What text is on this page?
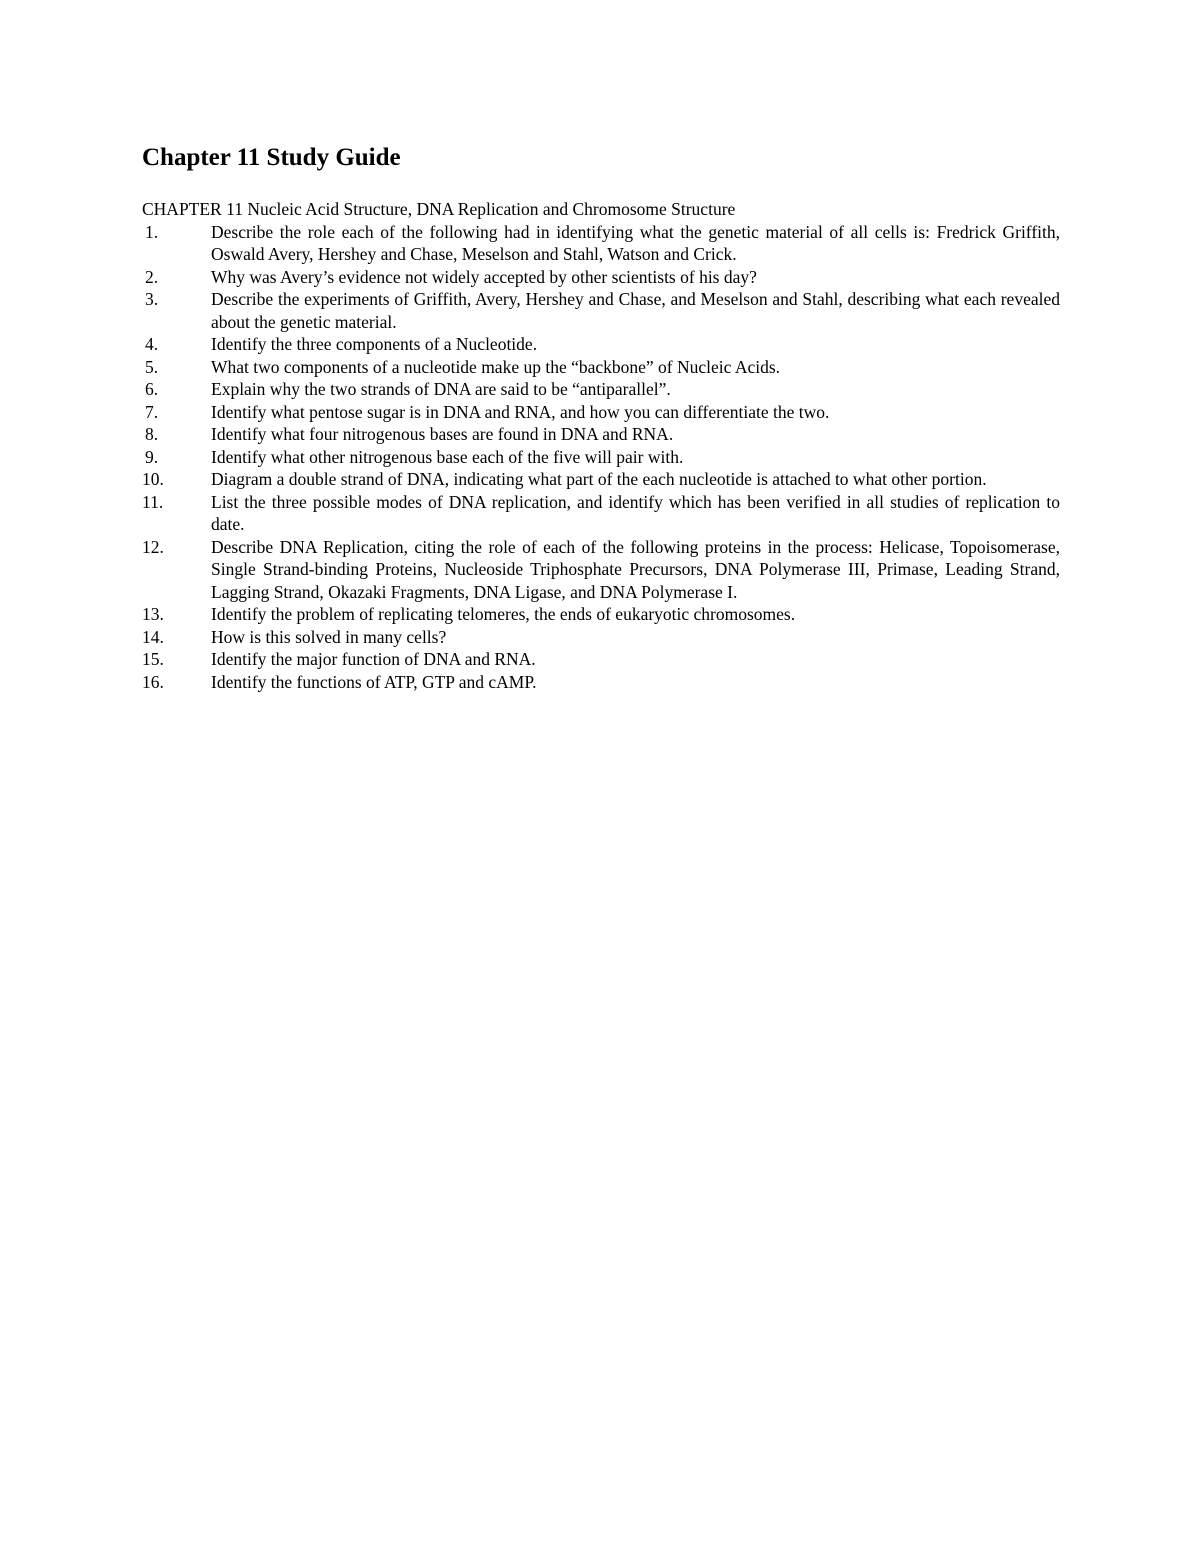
Chapter 11 Study Guide
CHAPTER 11 Nucleic Acid Structure, DNA Replication and Chromosome Structure
1.	Describe the role each of the following had in identifying what the genetic material of all cells is: Fredrick Griffith, Oswald Avery, Hershey and Chase, Meselson and Stahl, Watson and Crick.
2.	Why was Avery’s evidence not widely accepted by other scientists of his day?
3.	Describe the experiments of Griffith, Avery, Hershey and Chase, and Meselson and Stahl, describing what each revealed about the genetic material.
4.	Identify the three components of a Nucleotide.
5.	What two components of a nucleotide make up the “backbone” of Nucleic Acids.
6.	Explain why the two strands of DNA are said to be “antiparallel”.
7.	Identify what pentose sugar is in DNA and RNA, and how you can differentiate the two.
8.	Identify what four nitrogenous bases are found in DNA and RNA.
9.	Identify what other nitrogenous base each of the five will pair with.
10.	Diagram a double strand of DNA, indicating what part of the each nucleotide is attached to what other portion.
11.	List the three possible modes of DNA replication, and identify which has been verified in all studies of replication to date.
12.	Describe DNA Replication, citing the role of each of the following proteins in the process: Helicase, Topoisomerase, Single Strand-binding Proteins, Nucleoside Triphosphate Precursors, DNA Polymerase III, Primase, Leading Strand, Lagging Strand, Okazaki Fragments, DNA Ligase, and DNA Polymerase I.
13.	Identify the problem of replicating telomeres, the ends of eukaryotic chromosomes.
14.	How is this solved in many cells?
15.	Identify the major function of DNA and RNA.
16.	Identify the functions of ATP, GTP and cAMP.
